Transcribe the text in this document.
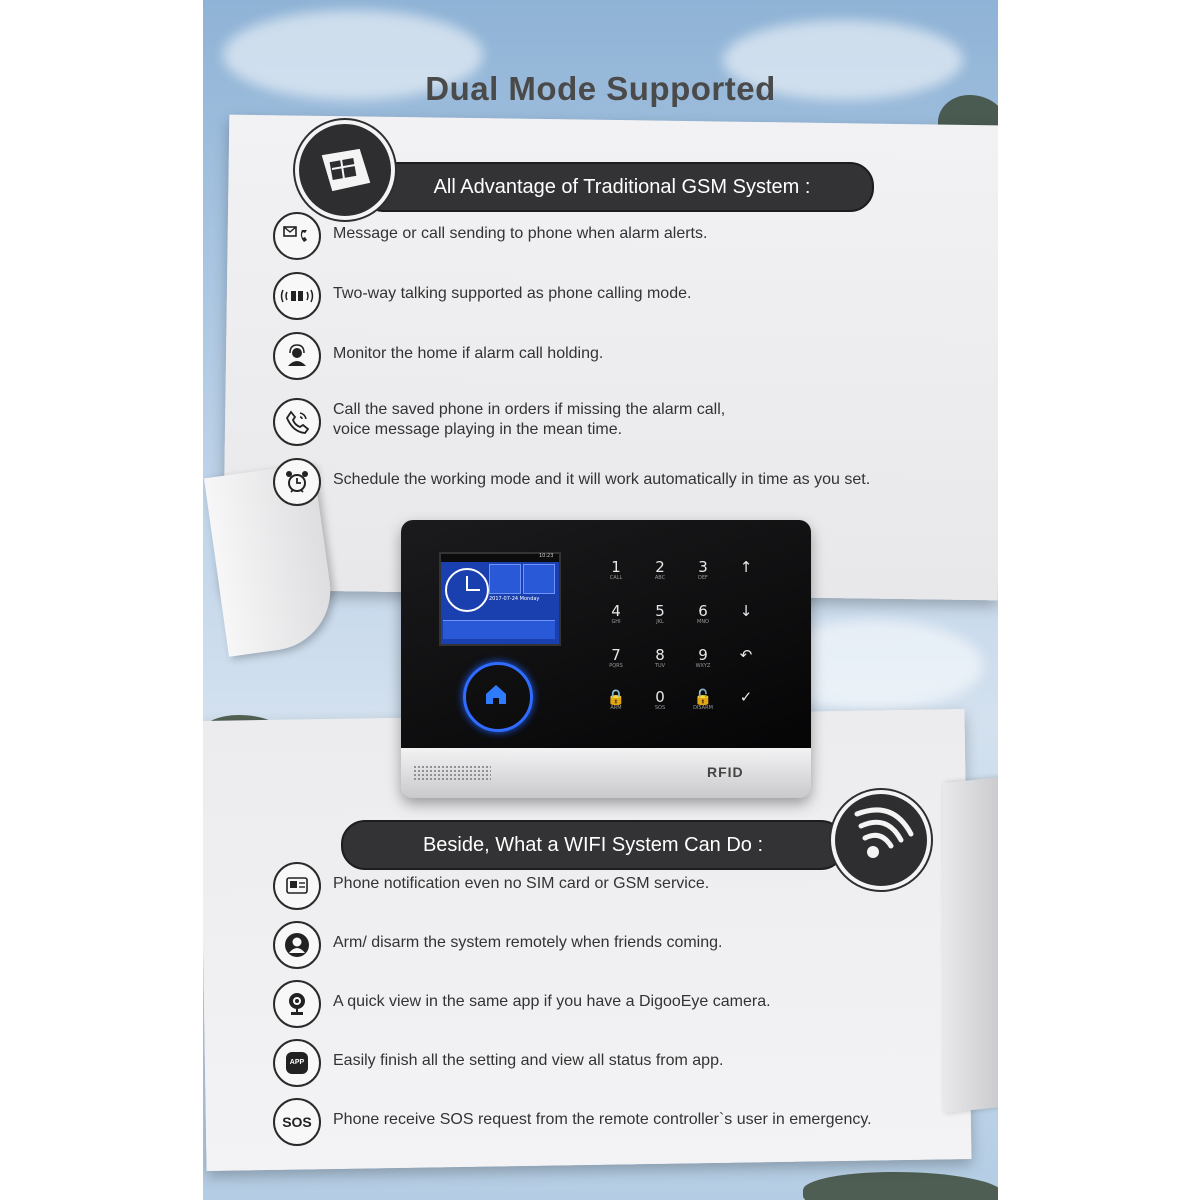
Dual Mode Supported
All Advantage of Traditional GSM System :
Message or call sending to phone when alarm alerts.
Two-way talking supported as phone calling mode.
Monitor the home if alarm call holding.
Call the saved phone in orders if missing the alarm call,
voice message playing in the mean time.
Schedule the working mode and it will work automatically in time as you set.
2017-07-24 Monday
1
CALL
2
ABC
3
DEF
↑
4
GHI
5
JKL
6
MNO
↓
7
PQRS
8
TUV
9
WXYZ
↶
🔒
ARM
0
SOS
🔓
DISARM
✓
10:23
RFID
Beside, What a WIFI System Can Do :
Phone notification even no SIM card or GSM service.
Arm/ disarm the system remotely when friends coming.
A quick view in the same app if you have a DigooEye camera.
APP Easily finish all the setting and view all status from app.
SOS Phone receive SOS request from the remote controller`s user in emergency.
